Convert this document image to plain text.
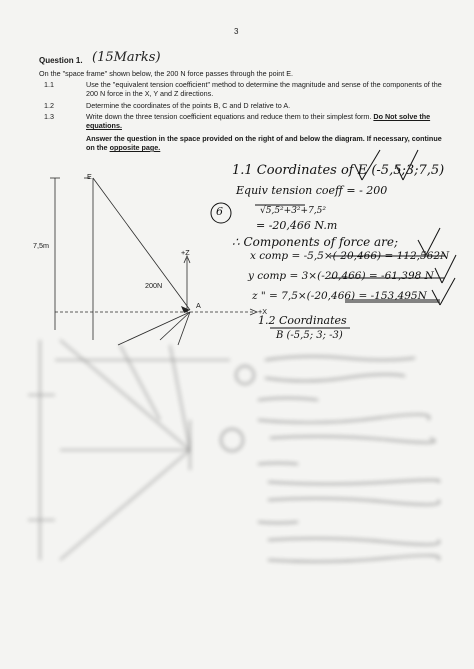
3
Question 1. (15Marks)
On the "space frame" shown below, the 200 N force passes through the point E.
1.1	Use the "equivalent tension coefficient" method to determine the magnitude and sense of the components of the 200 N force in the X, Y and Z directions.
1.2	Determine the coordinates of the points B, C and D relative to A.
1.3	Write down the three tension coefficient equations and reduce them to their simplest form. Do Not solve the equations.
Answer the question in the space provided on the right of and below the diagram. If necessary, continue on the opposite page.
E
7,5m
+Z
200N
A
+X
1.1 Coordinates of E (-5,5;3;7,5)
Equiv tension coeff = - 200
√5,5²+3²+7,5²
= -20,466 N.m
6
∴ Components of force are;
x comp = -5,5×(-20,466) = 112,562N
y comp = 3×(-20,466) = -61,398 N
z " = 7,5×(-20,466) = -153,495N
1.2 Coordinates
B (-5,5; 3; -3)
